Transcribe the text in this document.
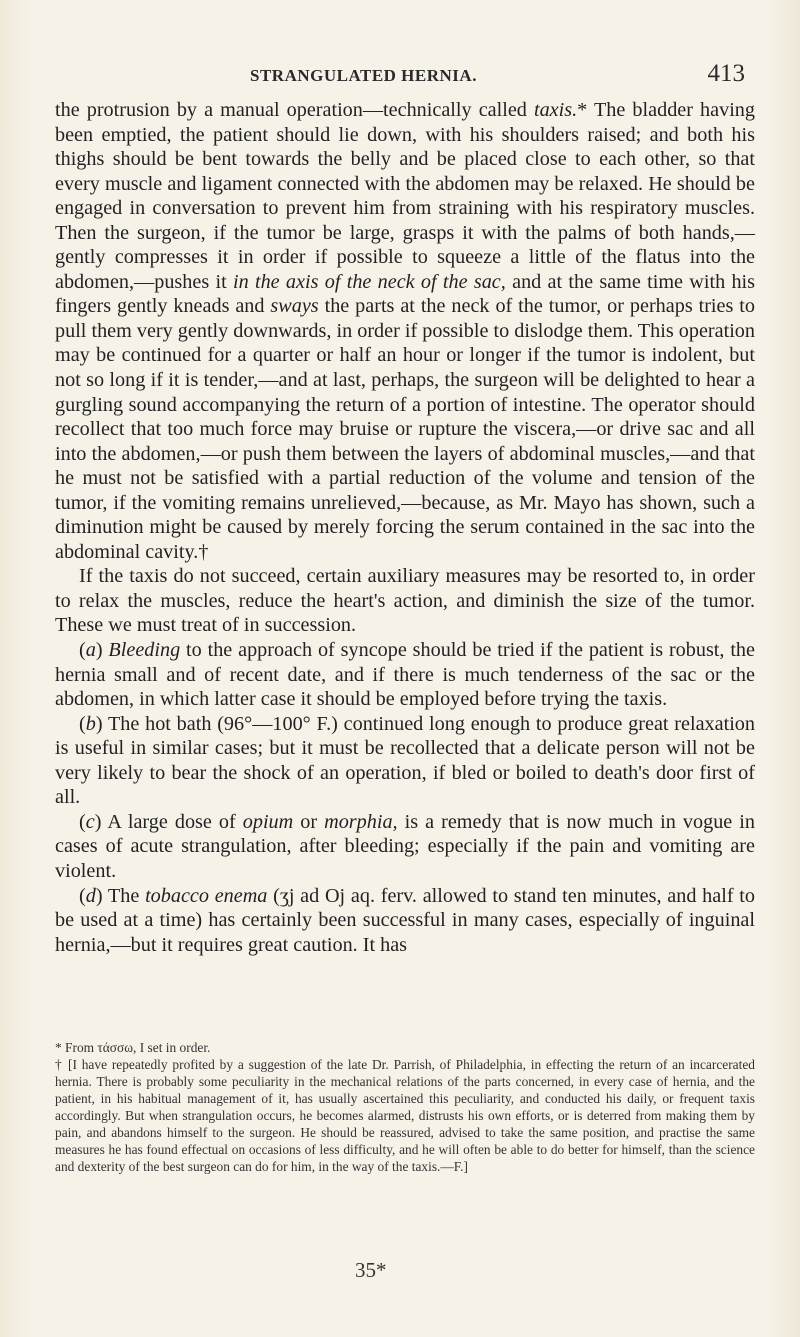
STRANGULATED HERNIA.	413

the protrusion by a manual operation—technically called taxis.* The bladder having been emptied, the patient should lie down, with his shoulders raised; and both his thighs should be bent towards the belly and be placed close to each other, so that every muscle and ligament connected with the abdomen may be relaxed. He should be engaged in conversation to prevent him from straining with his respiratory muscles. Then the surgeon, if the tumor be large, grasps it with the palms of both hands,—gently compresses it in order if possible to squeeze a little of the flatus into the abdomen,—pushes it in the axis of the neck of the sac, and at the same time with his fingers gently kneads and sways the parts at the neck of the tumor, or perhaps tries to pull them very gently downwards, in order if possible to dislodge them. This operation may be continued for a quarter or half an hour or longer if the tumor is indolent, but not so long if it is tender,—and at last, perhaps, the surgeon will be delighted to hear a gurgling sound accompanying the return of a portion of intestine. The operator should recollect that too much force may bruise or rupture the viscera,—or drive sac and all into the abdomen,—or push them between the layers of abdominal muscles,—and that he must not be satisfied with a partial reduction of the volume and tension of the tumor, if the vomiting remains unrelieved,—because, as Mr. Mayo has shown, such a diminution might be caused by merely forcing the serum contained in the sac into the abdominal cavity.†

If the taxis do not succeed, certain auxiliary measures may be resorted to, in order to relax the muscles, reduce the heart's action, and diminish the size of the tumor. These we must treat of in succession.

(a) Bleeding to the approach of syncope should be tried if the patient is robust, the hernia small and of recent date, and if there is much tenderness of the sac or the abdomen, in which latter case it should be employed before trying the taxis.

(b) The hot bath (96°—100° F.) continued long enough to produce great relaxation is useful in similar cases; but it must be recollected that a delicate person will not be very likely to bear the shock of an operation, if bled or boiled to death's door first of all.

(c) A large dose of opium or morphia, is a remedy that is now much in vogue in cases of acute strangulation, after bleeding; especially if the pain and vomiting are violent.

(d) The tobacco enema (ʒj ad Oj aq. ferv. allowed to stand ten minutes, and half to be used at a time) has certainly been successful in many cases, especially of inguinal hernia,—but it requires great caution. It has

* From τάσσω, I set in order.

† [I have repeatedly profited by a suggestion of the late Dr. Parrish, of Philadelphia, in effecting the return of an incarcerated hernia. There is probably some peculiarity in the mechanical relations of the parts concerned, in every case of hernia, and the patient, in his habitual management of it, has usually ascertained this peculiarity, and conducted his daily, or frequent taxis accordingly. But when strangulation occurs, he becomes alarmed, distrusts his own efforts, or is deterred from making them by pain, and abandons himself to the surgeon. He should be reassured, advised to take the same position, and practise the same measures he has found effectual on occasions of less difficulty, and he will often be able to do better for himself, than the science and dexterity of the best surgeon can do for him, in the way of the taxis.—F.]

35*
